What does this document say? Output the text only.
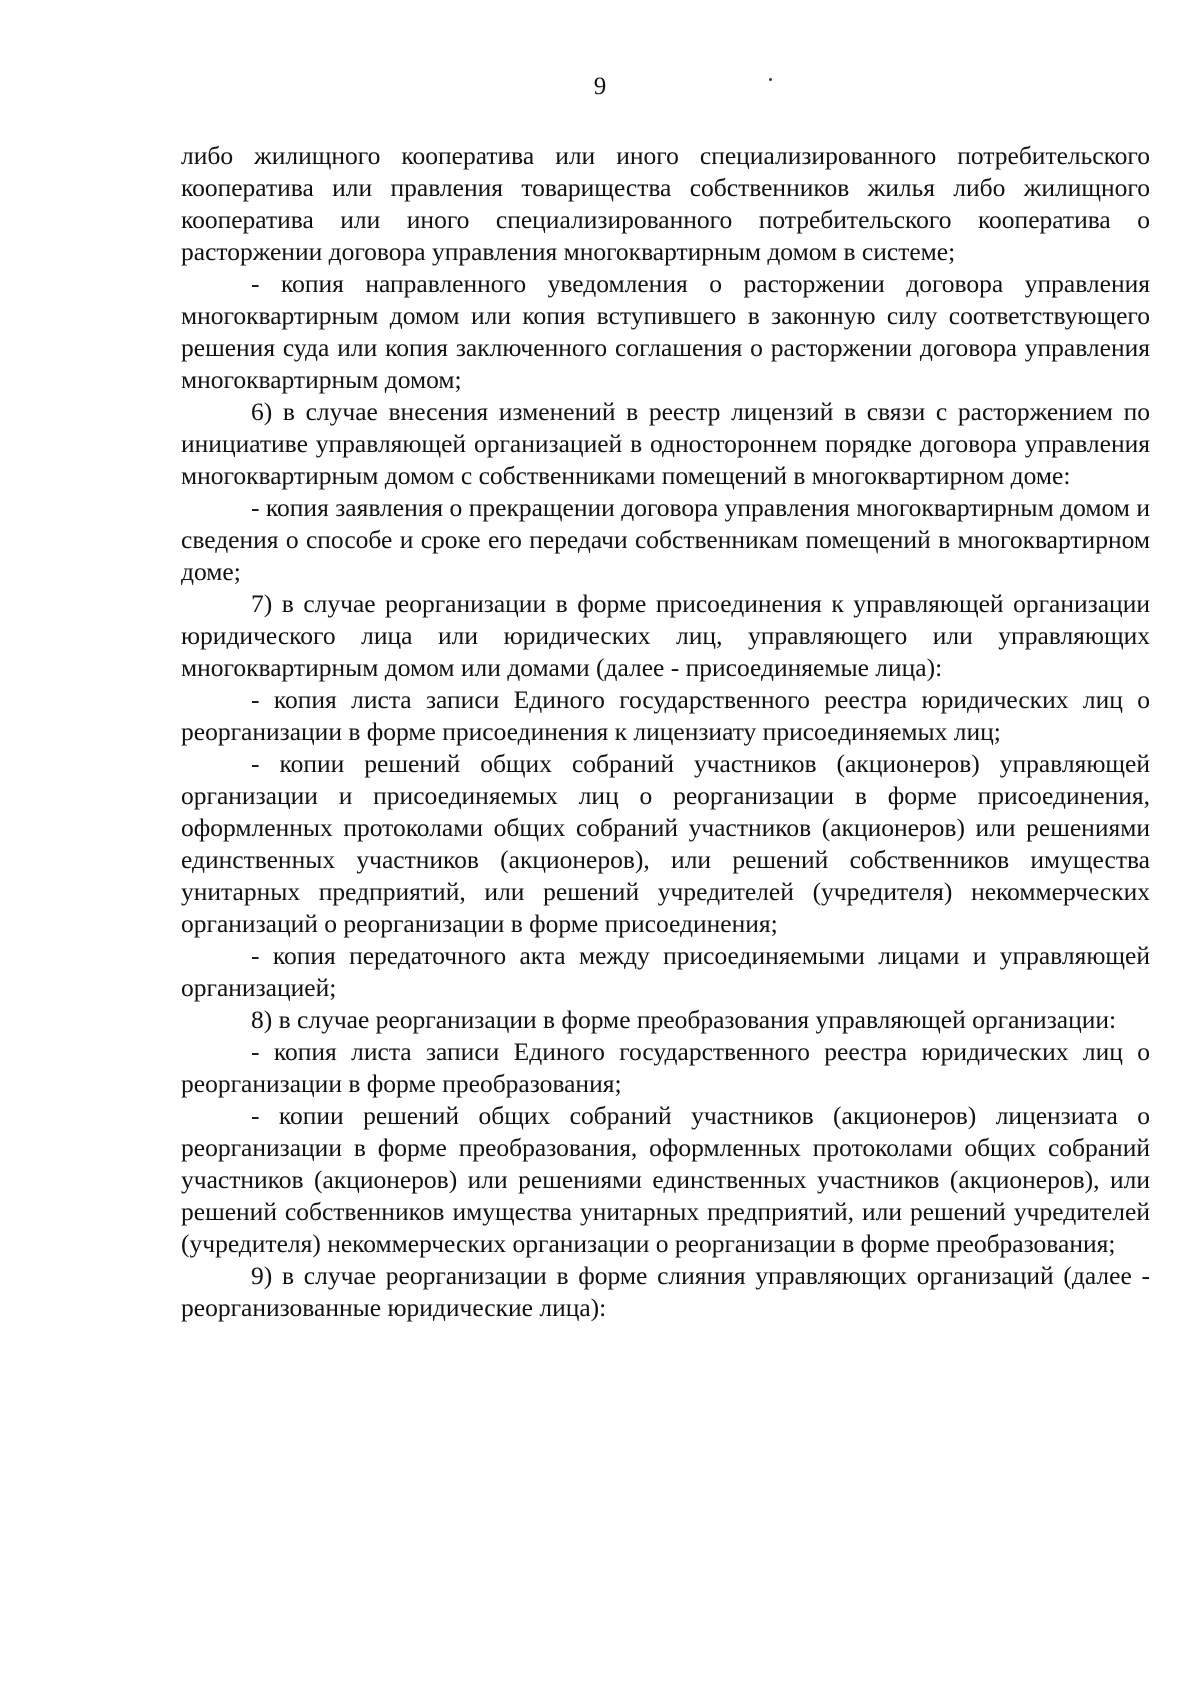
9

либо жилищного кооператива или иного специализированного потребительского кооператива или правления товарищества собственников жилья либо жилищного кооператива или иного специализированного потребительского кооператива о расторжении договора управления многоквартирным домом в системе;

- копия направленного уведомления о расторжении договора управления многоквартирным домом или копия вступившего в законную силу соответствующего решения суда или копия заключенного соглашения о расторжении договора управления многоквартирным домом;

6) в случае внесения изменений в реестр лицензий в связи с расторжением по инициативе управляющей организацией в одностороннем порядке договора управления многоквартирным домом с собственниками помещений в многоквартирном доме:

- копия заявления о прекращении договора управления многоквартирным домом и сведения о способе и сроке его передачи собственникам помещений в многоквартирном доме;

7) в случае реорганизации в форме присоединения к управляющей организации юридического лица или юридических лиц, управляющего или управляющих многоквартирным домом или домами (далее - присоединяемые лица):

- копия листа записи Единого государственного реестра юридических лиц о реорганизации в форме присоединения к лицензиату присоединяемых лиц;

- копии решений общих собраний участников (акционеров) управляющей организации и присоединяемых лиц о реорганизации в форме присоединения, оформленных протоколами общих собраний участников (акционеров) или решениями единственных участников (акционеров), или решений собственников имущества унитарных предприятий, или решений учредителей (учредителя) некоммерческих организаций о реорганизации в форме присоединения;

- копия передаточного акта между присоединяемыми лицами и управляющей организацией;

8) в случае реорганизации в форме преобразования управляющей организации:

- копия листа записи Единого государственного реестра юридических лиц о реорганизации в форме преобразования;

- копии решений общих собраний участников (акционеров) лицензиата о реорганизации в форме преобразования, оформленных протоколами общих собраний участников (акционеров) или решениями единственных участников (акционеров), или решений собственников имущества унитарных предприятий, или решений учредителей (учредителя) некоммерческих организации о реорганизации в форме преобразования;

9) в случае реорганизации в форме слияния управляющих организаций (далее - реорганизованные юридические лица):
